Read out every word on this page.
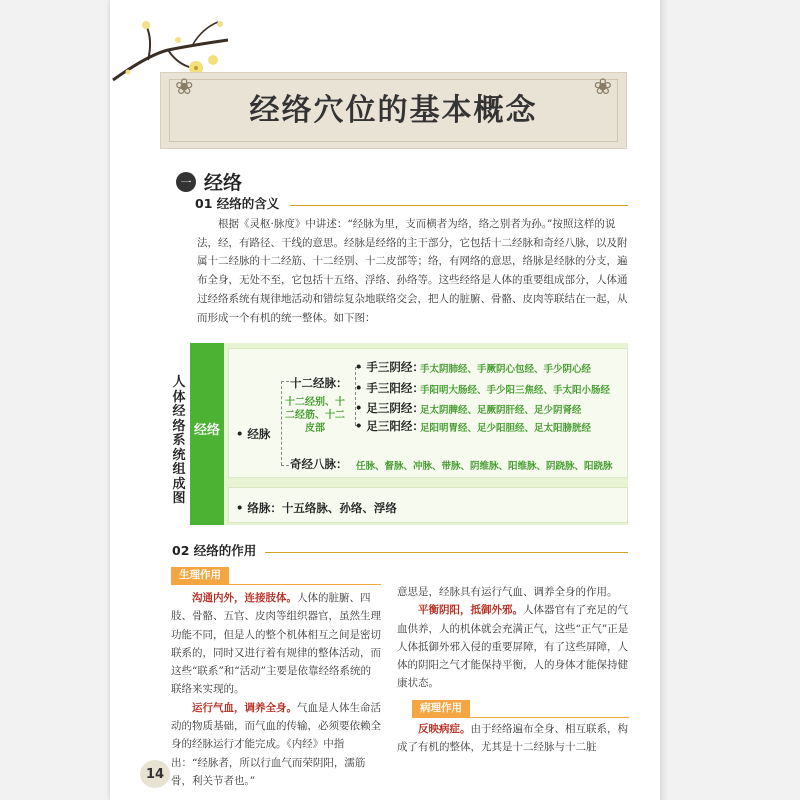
❀	❀
经络穴位的基本概念
一 经络
01 经络的含义

根据《灵枢·脉度》中讲述：“经脉为里，支而横者为络，络之别者为孙。”按照这样的说法，经，有路径、干线的意思。经脉是经络的主干部分，它包括十二经脉和奇经八脉，以及附属十二经脉的十二经筋、十二经别、十二皮部等；络，有网络的意思，络脉是经脉的分支，遍布全身，无处不至，它包括十五络、浮络、孙络等。这些经络是人体的重要组成部分，人体通过经络系统有规律地活动和错综复杂地联络交会，把人的脏腑、骨骼、皮肉等联结在一起，从而形成一个有机的统一整体。如下图：

人体经络系统组成图
经络	• 经脉
十二经脉：
十二经别、十二经筋、十二皮部
• 手三阴经：
手太阴肺经、手厥阴心包经、手少阴心经
• 手三阳经：
手阳明大肠经、手少阳三焦经、手太阳小肠经
• 足三阴经：
足太阴脾经、足厥阴肝经、足少阴肾经
• 足三阳经：
足阳明胃经、足少阳胆经、足太阳膀胱经
奇经八脉： 任脉、督脉、冲脉、带脉、阴维脉、阳维脉、阴跷脉、阳跷脉
• 络脉：十五络脉、孙络、浮络
02 经络的作用
生理作用

沟通内外，连接肢体。人体的脏腑、四肢、骨骼、五官、皮肉等组织器官，虽然生理功能不同，但是人的整个机体相互之间是密切联系的，同时又进行着有规律的整体活动，而这些“联系”和“活动”主要是依靠经络系统的联络来实现的。

运行气血，调养全身。气血是人体生命活动的物质基础，而气血的传输，必须要依赖全身的经脉运行才能完成。《内经》中指出：“经脉者，所以行血气而荣阴阳，濡筋骨，利关节者也。”

意思是，经脉具有运行气血、调养全身的作用。

平衡阴阳，抵御外邪。人体器官有了充足的气血供养，人的机体就会充满正气，这些“正气”正是人体抵御外邪入侵的重要屏障，有了这些屏障，人体的阴阳之气才能保持平衡，人的身体才能保持健康状态。

病理作用

反映病症。由于经络遍布全身、相互联系，构成了有机的整体，尤其是十二经脉与十二脏

14
